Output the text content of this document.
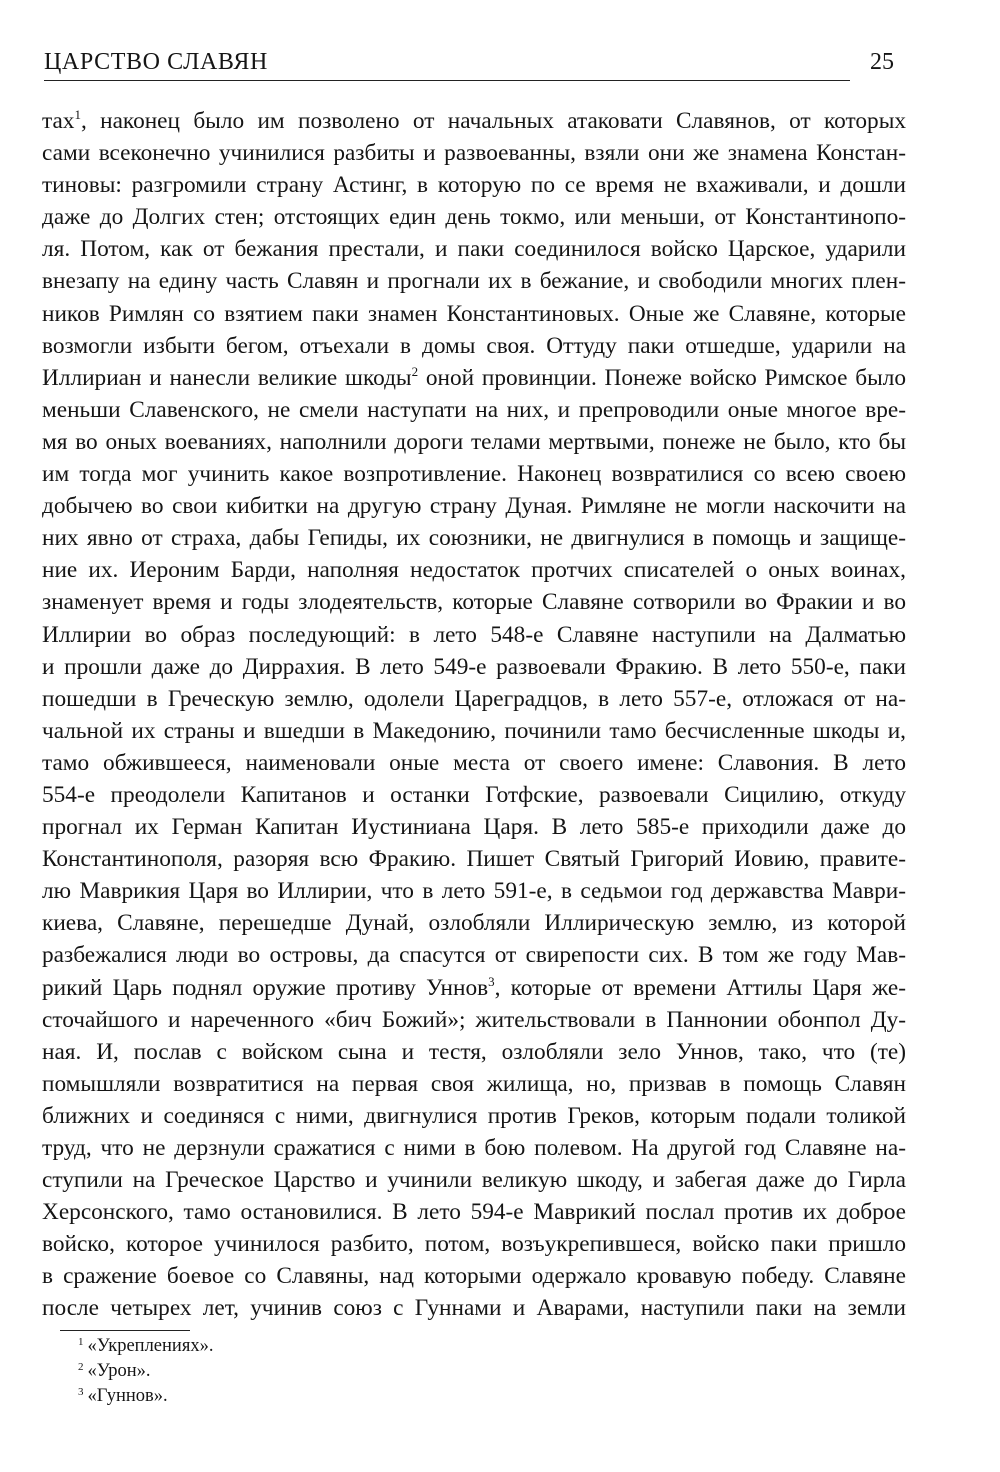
ЦАРСТВО СЛАВЯН	25
тах$^1$, наконец было им позволено от начальных атаковати Славянов, от которых
сами всеконечно учинилися разбиты и развоеванны, взяли они же знамена Констан-
тиновы: разгромили страну Астинг, в которую по се время не вхаживали, и дошли
даже до Долгих стен; отстоящих един день токмо, или меньши, от Константинопо-
ля. Потом, как от бежания престали, и паки соединилося войско Царское, ударили
внезапу на едину часть Славян и прогнали их в бежание, и свободили многих плен-
ников Римлян со взятием паки знамен Константиновых. Оные же Славяне, которые
возмогли избыти бегом, отъехали в домы своя. Оттуду паки отшедше, ударили на
Иллириан и нанесли великие шкоды$^2$ оной провинции. Понеже войско Римское было
меньши Славенского, не смели наступати на них, и препроводили оные многое вре-
мя во оных воеваниях, наполнили дороги телами мертвыми, понеже не было, кто бы
им тогда мог учинить какое возпротивление. Наконец возвратилися со всею своею
добычею во свои кибитки на другую страну Дуная. Римляне не могли наскочити на
них явно от страха, дабы Гепиды, их союзники, не двигнулися в помощь и защище-
ние их. Иероним Барди, наполняя недостаток протчих списателей о оных воинах,
знаменует время и годы злодеятельств, которые Славяне сотворили во Фракии и во
Иллирии во образ последующий: в лето 548-е Славяне наступили на Далматью
и прошли даже до Диррахия. В лето 549-е развоевали Фракию. В лето 550-е, паки
пошедши в Греческую землю, одолели Цареградцов, в лето 557-е, отложася от на-
чальной их страны и вшедши в Македонию, починили тамо бесчисленные шкоды и,
тамо обжившееся, наименовали оные места от своего имене: Славония. В лето
554-е преодолели Капитанов и останки Готфские, развоевали Сицилию, откуду
прогнал их Герман Капитан Иустиниана Царя. В лето 585-е приходили даже до
Константинополя, разоряя всю Фракию. Пишет Святый Григорий Иовию, правите-
лю Маврикия Царя во Иллирии, что в лето 591-е, в седьмои год державства Маври-
киева, Славяне, перешедше Дунай, озлобляли Иллирическую землю, из которой
разбежалися люди во островы, да спасутся от свирепости сих. В том же году Мав-
рикий Царь поднял оружие противу Уннов$^3$, которые от времени Аттилы Царя же-
сточайшого и нареченного «бич Божий»; жительствовали в Паннонии обонпол Ду-
ная. И, послав с войском сына и тестя, озлобляли зело Уннов, тако, что (те)
помышляли возвратитися на первая своя жилища, но, призвав в помощь Славян
ближних и соединяся с ними, двигнулися против Греков, которым подали толикой
труд, что не дерзнули сражатися с ними в бою полевом. На другой год Славяне на-
ступили на Греческое Царство и учинили великую шкоду, и забегая даже до Гирла
Херсонского, тамо остановилися. В лето 594-е Маврикий послал против их доброе
войско, которое учинилося разбито, потом, возъукрепившеся, войско паки пришло
в сражение боевое со Славяны, над которыми одержало кровавую победу. Славяне
после четырех лет, учинив союз с Гуннами и Аварами, наступили паки на земли
$^1$ «Укреплениях».
$^2$ «Урон».
$^3$ «Гуннов».
